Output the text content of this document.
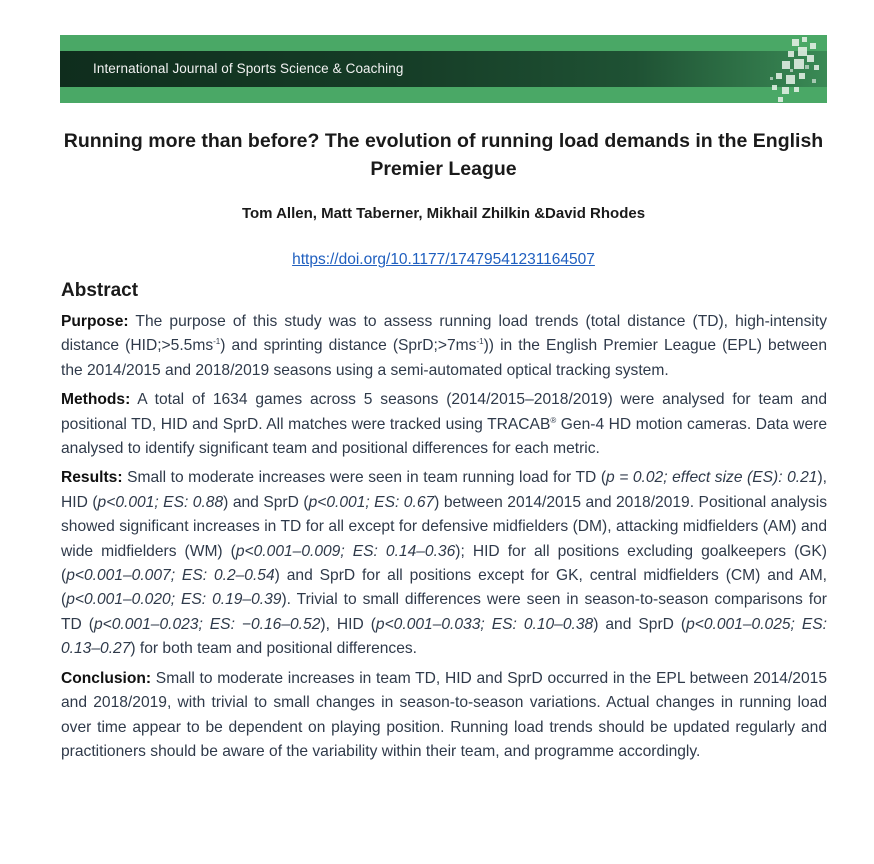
International Journal of Sports Science & Coaching
Running more than before? The evolution of running load demands in the English Premier League
Tom Allen, Matt Taberner, Mikhail Zhilkin &David Rhodes
https://doi.org/10.1177/17479541231164507
Abstract

Purpose: The purpose of this study was to assess running load trends (total distance (TD), high-intensity distance $(HID;>5.5ms^{-1})$ and sprinting distance $(SprD;>7ms^{-1})$) in the English Premier League (EPL) between the 2014/2015 and 2018/2019 seasons using a semi-automated optical tracking system.

Methods: A total of 1634 games across 5 seasons (2014/2015–2018/2019) were analysed for team and positional TD, HID and SprD. All matches were tracked using TRACAB® Gen-4 HD motion cameras. Data were analysed to identify significant team and positional differences for each metric.

Results: Small to moderate increases were seen in team running load for TD (p = 0.02; effect size (ES): 0.21), HID (p<0.001; ES: 0.88) and SprD (p<0.001; ES: 0.67) between 2014/2015 and 2018/2019. Positional analysis showed significant increases in TD for all except for defensive midfielders (DM), attacking midfielders (AM) and wide midfielders (WM) (p<0.001–0.009; ES: 0.14–0.36); HID for all positions excluding goalkeepers (GK) (p<0.001–0.007; ES: 0.2–0.54) and SprD for all positions except for GK, central midfielders (CM) and AM, (p<0.001–0.020; ES: 0.19–0.39). Trivial to small differences were seen in season-to-season comparisons for TD (p<0.001–0.023; ES: −0.16–0.52), HID (p<0.001–0.033; ES: 0.10–0.38) and SprD (p<0.001–0.025; ES: 0.13–0.27) for both team and positional differences.

Conclusion: Small to moderate increases in team TD, HID and SprD occurred in the EPL between 2014/2015 and 2018/2019, with trivial to small changes in season-to-season variations. Actual changes in running load over time appear to be dependent on playing position. Running load trends should be updated regularly and practitioners should be aware of the variability within their team, and programme accordingly.
